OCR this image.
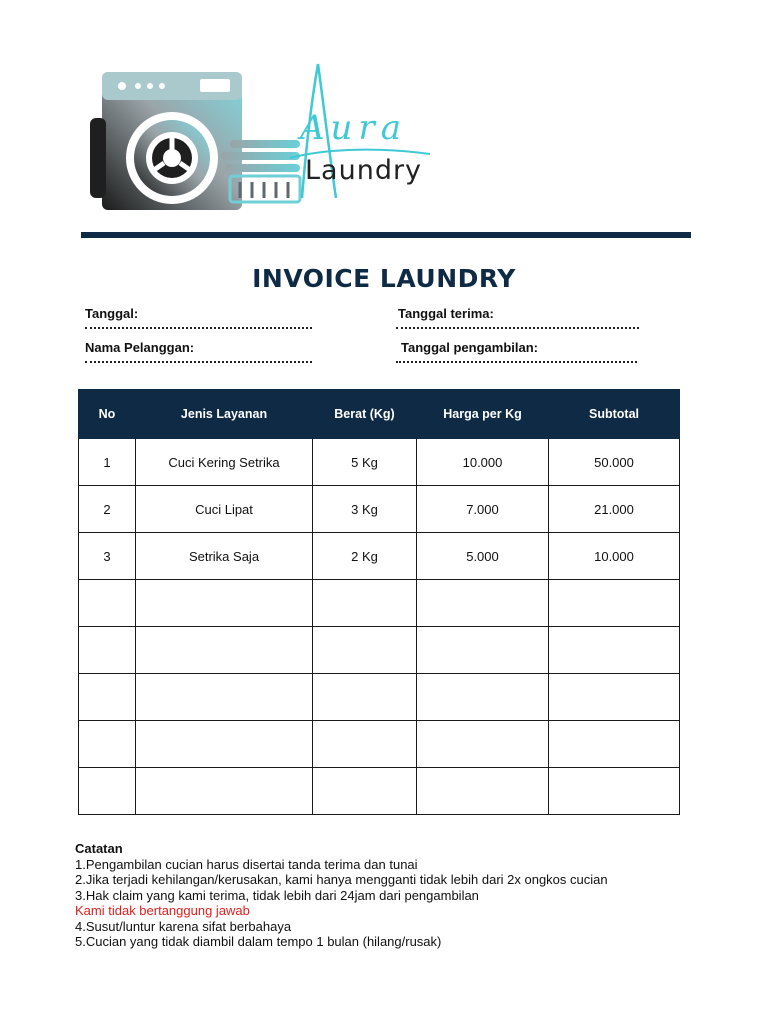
Aura
Laundry
INVOICE LAUNDRY
Tanggal:	Tanggal terima:
Nama Pelanggan:	Tanggal pengambilan:
No	Jenis Layanan	Berat (Kg)	Harga per Kg	Subtotal
1	Cuci Kering Setrika	5 Kg	10.000	50.000
2	Cuci Lipat	3 Kg	7.000	21.000
3	Setrika Saja	2 Kg	5.000	10.000

Catatan
1.Pengambilan cucian harus disertai tanda terima dan tunai
2.Jika terjadi kehilangan/kerusakan, kami hanya mengganti tidak lebih dari 2x ongkos cucian
3.Hak claim yang kami terima, tidak lebih dari 24jam dari pengambilan
Kami tidak bertanggung jawab
4.Susut/luntur karena sifat berbahaya
5.Cucian yang tidak diambil dalam tempo 1 bulan (hilang/rusak)
